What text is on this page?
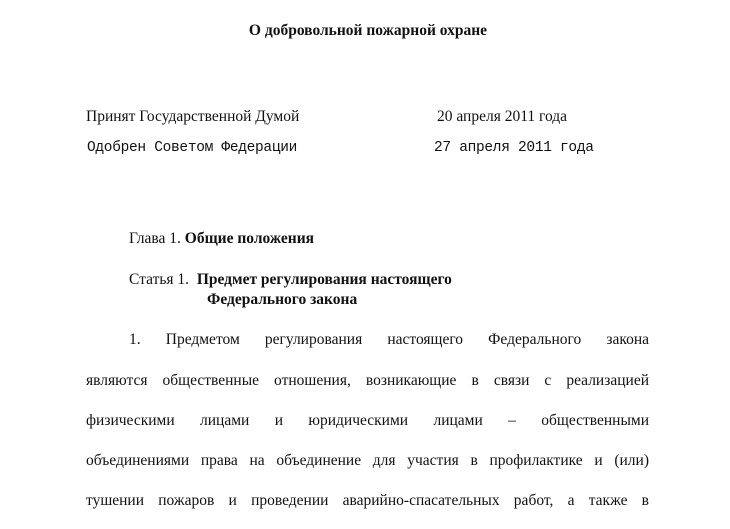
О добровольной пожарной охране
Принят Государственной Думой	20 апреля 2011 года
Одобрен Советом Федерации	27 апреля 2011 года
Глава 1. Общие положения
Статья 1. Предмет регулирования настоящего
Федерального закона
1. Предметом регулирования настоящего Федерального закона
являются общественные отношения, возникающие в связи с реализацией
физическими лицами и юридическими лицами – общественными
объединениями права на объединение для участия в профилактике и (или)
тушении пожаров и проведении аварийно-спасательных работ, а также в
